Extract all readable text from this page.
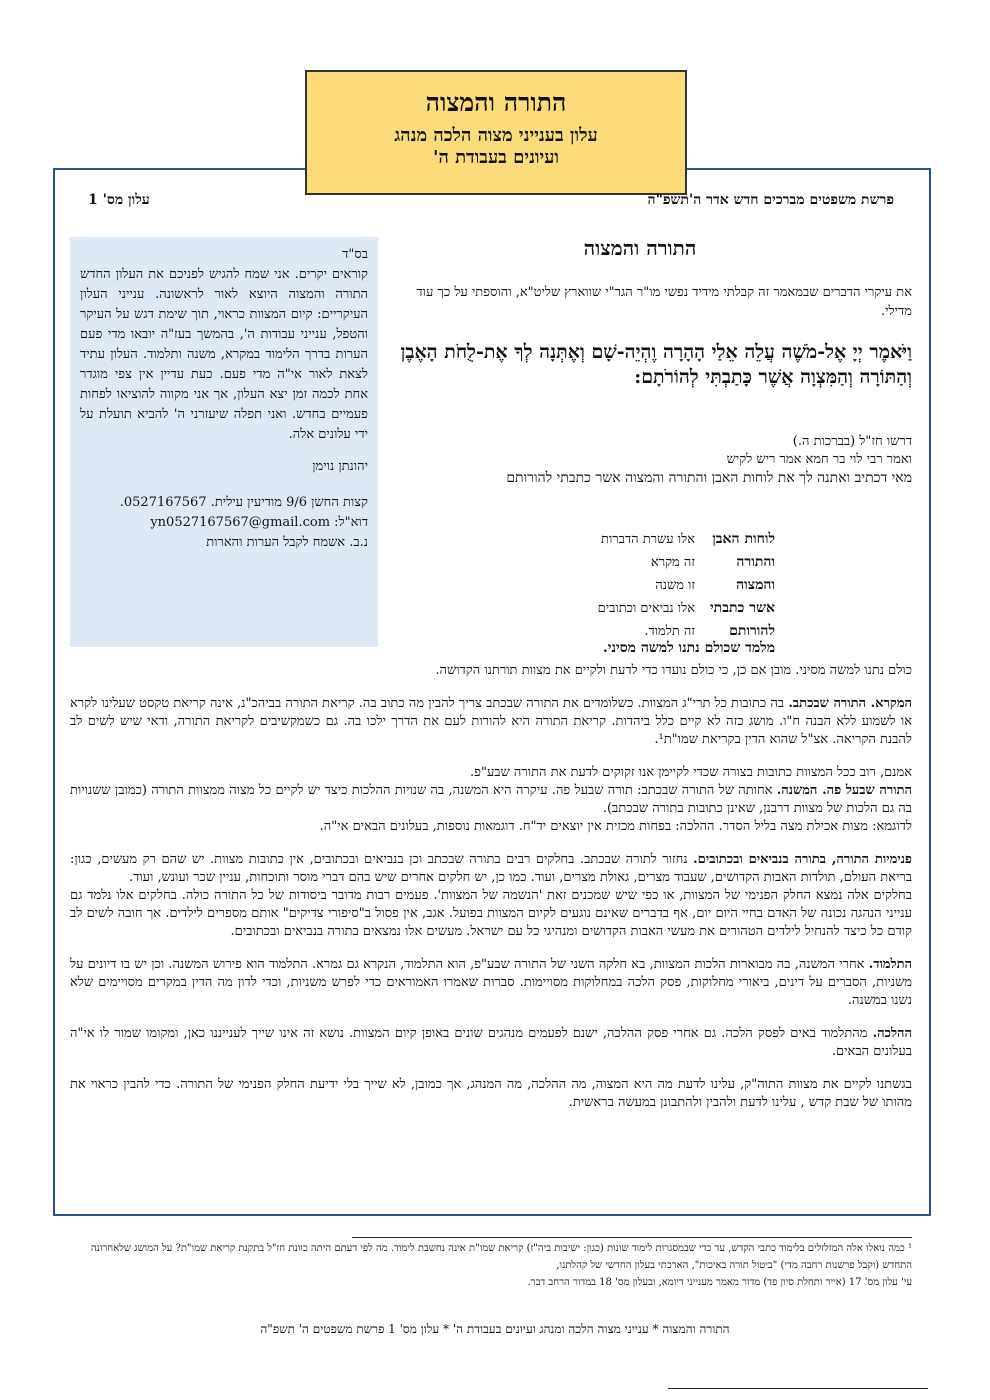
התורה והמצוה
עלון בענייני מצוה הלכה מנהג
ועיונים בעבודת ה'
פרשת משפטים מברכים חדש אדר ה'תשפ"ה
עלון מס' 1

בס"ד

קוראים יקרים. אני שמח להגיש לפניכם את העלון החדש התורה והמצוה היוצא לאור לראשונה. ענייני העלון העיקריים: קיום המצוות כראוי, תוך שימת דגש על העיקר והטפל, ענייני עבודות ה', בהמשך בעז"ה יובאו מדי פעם הערות בדרך הלימוד במקרא, משנה ותלמוד. העלון עתיד לצאת לאור אי"ה מדי פעם. כעת עדיין אין צפי מוגדר אחת לכמה זמן יצא העלון, אך אני מקווה להוציאו לפחות פעמיים בחדש. ואני תפלה שיעזרני ה' להביא תועלת על ידי עלונים אלה.

יהונתן נוימן

קצות החשן 9/6 מודיעין עילית. 0527167567.

דוא"ל: yn0527167567@gmail.com

נ.ב. אשמח לקבל הערות והארות

התורה והמצוה
את עיקרי הדברים שבמאמר זה קבלתי מידיד נפשי מו"ר הגר"י שווארץ שליט"א, והוספתי על כך עוד מדילי.
וַיֹּאמֶר יְיָ אֶל-מֹשֶׁה עֲלֵה אֵלַי הָהָרָה וֶהְיֵה-שָׁם וְאֶתְּנָה לְךָ אֶת-לֻחֹת הָאֶבֶן וְהַתּוֹרָה וְהַמִּצְוָה אֲשֶׁר כָּתַבְתִּי לְהוֹרֹתָם:
דרשו חז"ל (בברכות ה.)
ואמר רבי לוי בר חמא אמר ריש לקיש
מאי דכתיב ואתנה לך את לוחות האבן והתורה והמצוה אשר כתבתי להורותם
לוחות האבן
אלו עשרת הדברות
והתורה
זה מקרא
והמצוה
זו משנה
אשר כתבתי
אלו נביאים וכתובים
להורותם
זה תלמוד.
מלמד שכולם נתנו למשה מסיני.

כולם נתנו למשה מסיני. מובן אם כן, כי כולם נועדו כדי לדעת ולקיים את מצוות תורתנו הקדושה.

המקרא. התורה שבכתב. בה כתובות כל תרי"ג המצוות. כשלומדים את התורה שבכתב צריך להבין מה כתוב בה. קריאת התורה בביהכ"נ, אינה קריאת טקסט שעלינו לקרא או לשמוע ללא הבנה ח"ו. מושג כזה לא קיים כלל ביהדות. קריאת התורה היא להורות לעם את הדרך ילכו בה. גם כשמקשיבים לקריאת התורה, ודאי שיש לשים לב להבנת הקריאה. אצ"ל שהוא הדין בקריאת שמו"ת¹.

אמנם, רוב ככל המצוות כתובות בצורה שכדי לקיימן אנו זקוקים לדעת את התורה שבע"פ.

התורה שבעל פה. המשנה. אחותה של התורה שבכתב: תורה שבעל פה. עיקרה היא המשנה, בה שנויות ההלכות כיצד יש לקיים כל מצוה ממצוות התורה (כמובן ששנויות בה גם הלכות של מצוות דרבנן, שאינן כתובות בתורה שבכתב).

לדוגמא: מצות אכילת מצה בליל הסדר. ההלכה: בפחות מכזית אין יוצאים יד"ח. דוגמאות נוספות, בעלונים הבאים אי"ה.

פנימיות התורה, בתורה בנביאים ובכתובים. נחזור לתורה שבכתב. בחלקים רבים בתורה שבכתב וכן בנביאים ובכתובים, אין כתובות מצוות. יש שהם רק מעשים, כגון: בריאת העולם, תולדות האבות הקדושים, שעבוד מצרים, גאולת מצרים, ועוד. כמו כן, יש חלקים אחרים שיש בהם דברי מוסר ותוכחות, עניין שכר ועונש, ועוד.

בחלקים אלה נמצא החלק הפנימי של המצוות, או כפי שיש שמכנים זאת 'הנשמה של המצוות'. פעמים רבות מדובר ביסודות של כל התורה כולה. בחלקים אלו נלמד גם ענייני הנהגה נכונה של האדם בחיי היום יום, אף בדברים שאינם נוגעים לקיום המצוות בפועל. אגב, אין פסול ב"סיפורי צדיקים" אותם מספרים לילדים. אך חובה לשים לב קודם כל כיצד להנחיל לילדים הטהורים את מעשי האבות הקדושים ומנהיגי כל עם ישראל. מעשים אלו נמצאים בתורה בנביאים ובכתובים.

התלמוד. אחרי המשנה, בה מבוארות הלכות המצוות, בא חלקה השני של התורה שבע"פ, הוא התלמוד, הנקרא גם גמרא. התלמוד הוא פירוש המשנה. וכן יש בו דיונים על משניות, הסברים על דינים, ביאורי מחלוקות, פסק הלכה במחלוקות מסויימות. סברות שאמרו האמוראים כדי לפרש משניות, וכדי לדון מה הדין במקרים מסויימים שלא נשנו במשנה.

ההלכה. מהתלמוד באים לפסק הלכה. גם אחרי פסק ההלכה, ישנם לפעמים מנהגים שונים באופן קיום המצוות. נושא זה אינו שייך לענייננו כאן, ומקומו שמור לו אי"ה בעלונים הבאים.

בגשתנו לקיים את מצוות התוה"ק, עלינו לדעת מה היא המצוה, מה ההלכה, מה המנהג, אך כמובן, לא שייך בלי ידיעת החלק הפנימי של התורה. כדי להבין כראוי את מהותו של שבת קדש , עלינו לדעת ולהבין ולהתבונן במעשה בראשית.

¹ כמה נואלו אלה המזלזלים בלימוד כתבי הקדש, עד כדי שבמסגרות לימוד שונות (כגון: ישיבות ביה"ז) קריאת שמו"ת אינה נחשבת לימוד. מה לפי דעתם היתה כוונת חז"ל בתקנת קריאת שמו"ת? על המושג שלאחרונה התחדש (וקבל פרשנות רחבה מדי) "ביטול תורה באיכות", הארכתי בעלון החדשי של קהלתנו,
עי' עלון מס' 17 (אייר ותחלת סיון פד) מדור מאמר מענייני דיומא, ובעלון מס' 18 במדור הרחב דבר.
התורה והמצוה * ענייני מצוה הלכה ומנהג ועיונים בעבודת ה' * עלון מס' 1 פרשת משפטים ה' תשפ"ה
